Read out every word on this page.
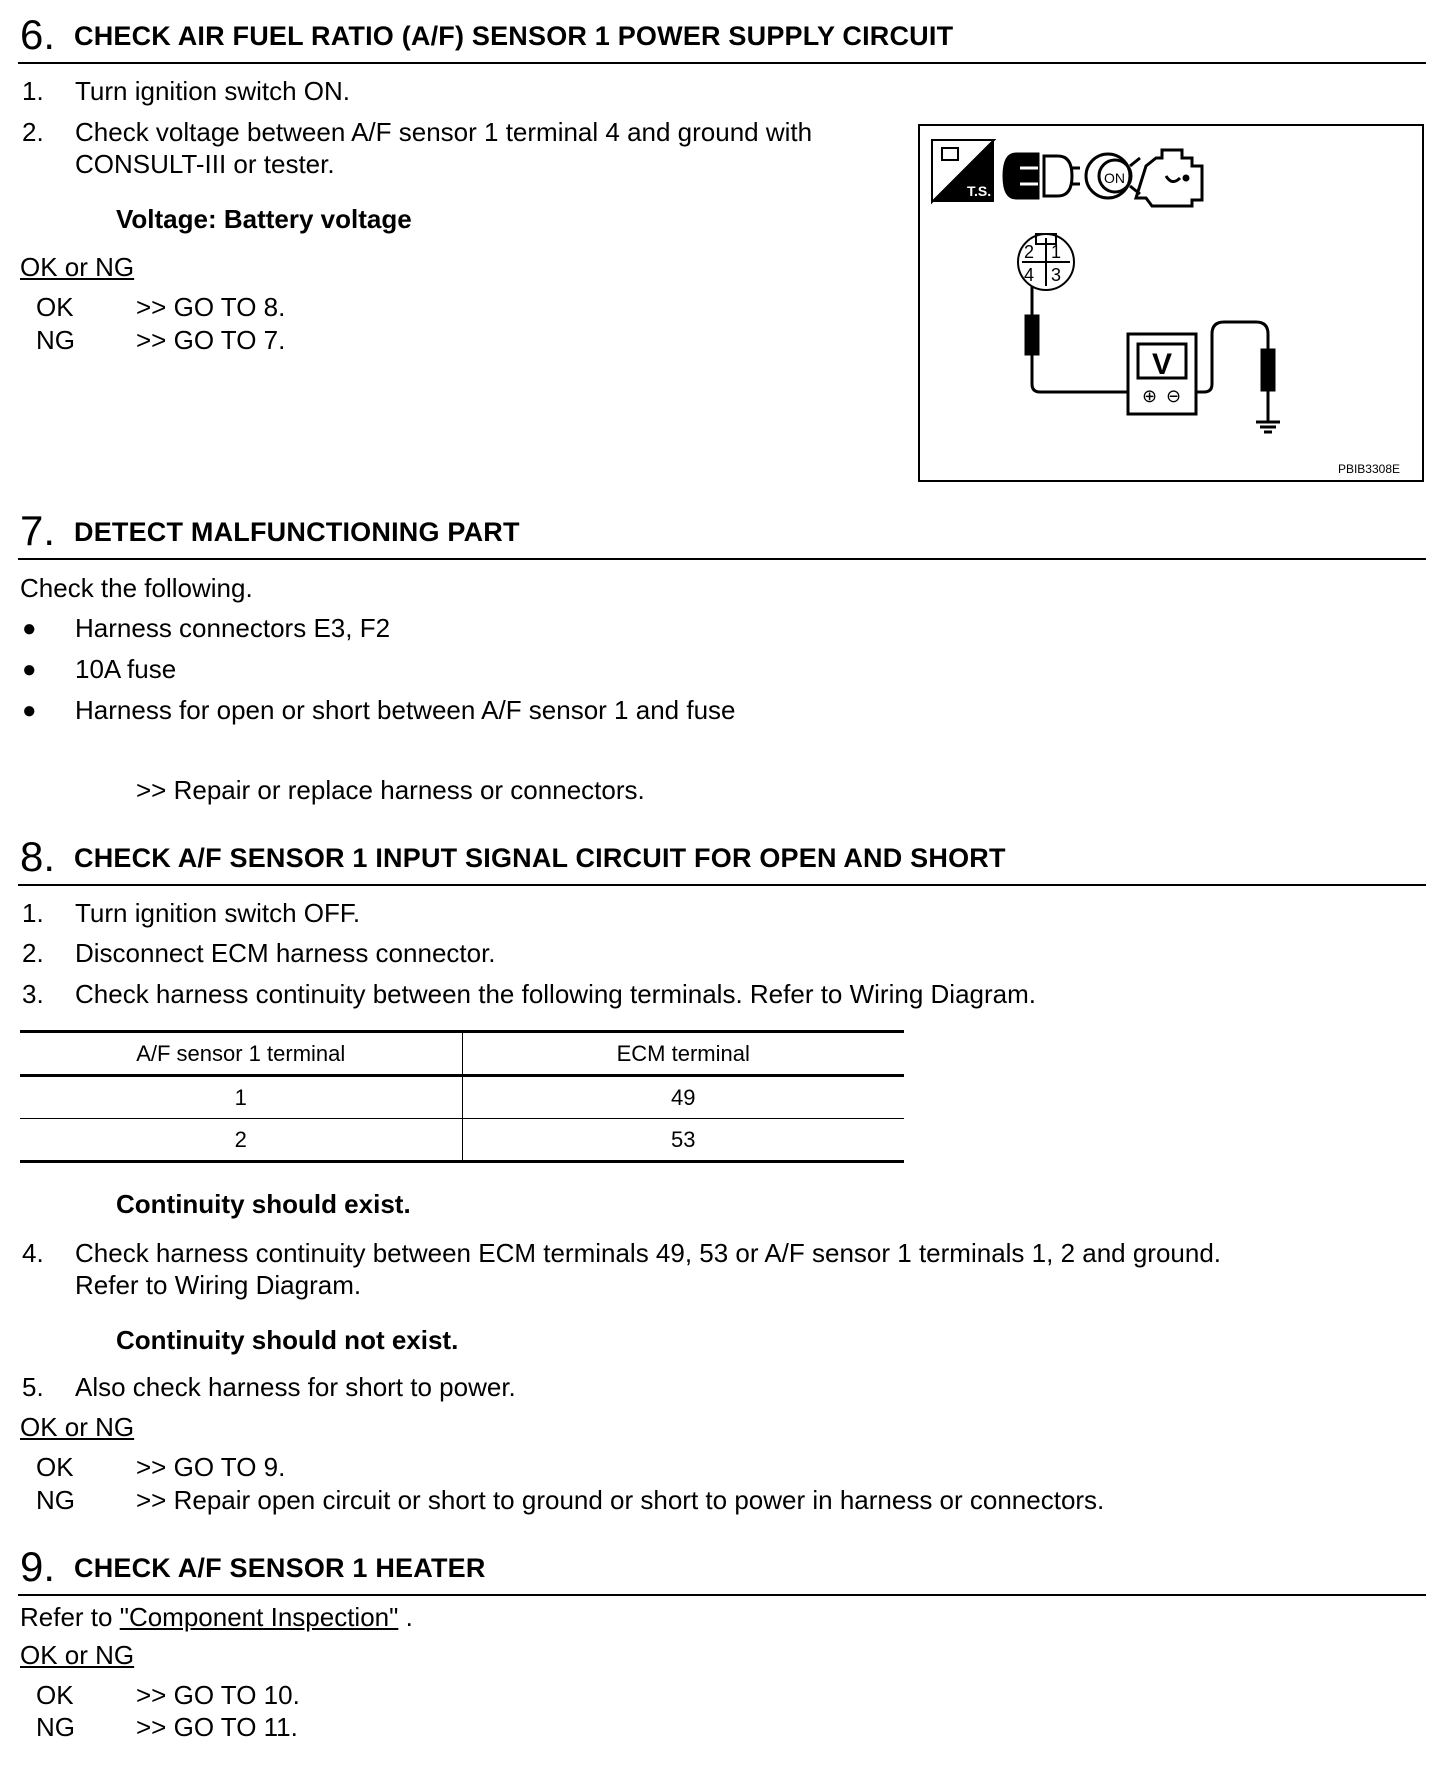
6. CHECK AIR FUEL RATIO (A/F) SENSOR 1 POWER SUPPLY CIRCUIT
1. Turn ignition switch ON.
2. Check voltage between A/F sensor 1 terminal 4 and ground with
CONSULT-III or tester.
Voltage: Battery voltage
OK or NG
OK >> GO TO 8.
NG >> GO TO 7.
T.S.
ON
2 1
4 3
V
⊕ ⊖
PBIB3308E
7. DETECT MALFUNCTIONING PART
Check the following.
● Harness connectors E3, F2
● 10A fuse
● Harness for open or short between A/F sensor 1 and fuse
>> Repair or replace harness or connectors.
8. CHECK A/F SENSOR 1 INPUT SIGNAL CIRCUIT FOR OPEN AND SHORT
1. Turn ignition switch OFF.
2. Disconnect ECM harness connector.
3. Check harness continuity between the following terminals. Refer to Wiring Diagram.
A/F sensor 1 terminal	ECM terminal
1	49
2	53
Continuity should exist.
4. Check harness continuity between ECM terminals 49, 53 or A/F sensor 1 terminals 1, 2 and ground.
Refer to Wiring Diagram.
Continuity should not exist.
5. Also check harness for short to power.
OK or NG
OK >> GO TO 9.
NG >> Repair open circuit or short to ground or short to power in harness or connectors.
9. CHECK A/F SENSOR 1 HEATER
Refer to "Component Inspection" .
OK or NG
OK >> GO TO 10.
NG >> GO TO 11.
